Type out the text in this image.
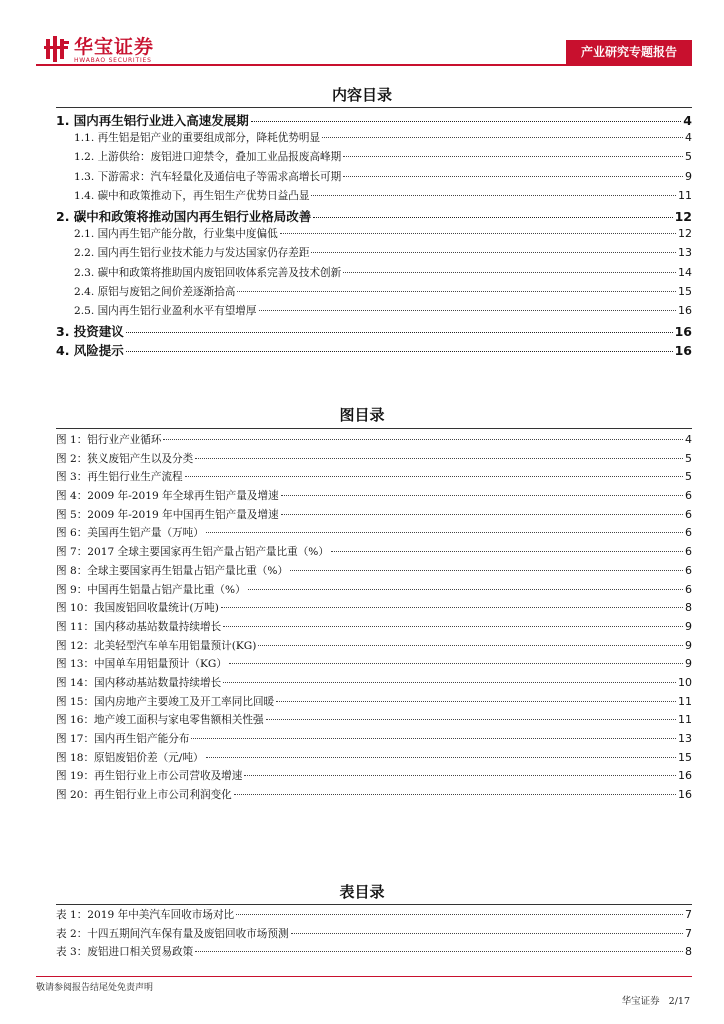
华宝证券
HWABAO SECURITIES
产业研究专题报告
内容目录
1. 国内再生铝行业进入高速发展期	4
1.1. 再生铝是铝产业的重要组成部分，降耗优势明显	4
1.2. 上游供给：废铝进口迎禁令，叠加工业品报废高峰期	5
1.3. 下游需求：汽车轻量化及通信电子等需求高增长可期	9
1.4. 碳中和政策推动下，再生铝生产优势日益凸显	11
2. 碳中和政策将推动国内再生铝行业格局改善	12
2.1. 国内再生铝产能分散，行业集中度偏低	12
2.2. 国内再生铝行业技术能力与发达国家仍存差距	13
2.3. 碳中和政策将推助国内废铝回收体系完善及技术创新	14
2.4. 原铝与废铝之间价差逐渐拾高	15
2.5. 国内再生铝行业盈利水平有望增厚	16
3. 投资建议	16
4. 风险提示	16
图目录
图 1：铝行业产业循环	4
图 2：狭义废铝产生以及分类	5
图 3：再生铝行业生产流程	5
图 4：2009 年-2019 年全球再生铝产量及增速	6
图 5：2009 年-2019 年中国再生铝产量及增速	6
图 6：美国再生铝产量（万吨）	6
图 7：2017 全球主要国家再生铝产量占铝产量比重（%）	6
图 8：全球主要国家再生铝量占铝产量比重（%）	6
图 9：中国再生铝量占铝产量比重（%）	6
图 10：我国废铝回收量统计(万吨)	8
图 11：国内移动基站数量持续增长	9
图 12：北美轻型汽车单车用铝量预计(KG)	9
图 13：中国单车用铝量预计（KG）	9
图 14：国内移动基站数量持续增长	10
图 15：国内房地产主要竣工及开工率同比回暖	11
图 16：地产竣工面积与家电零售额相关性强	11
图 17：国内再生铝产能分布	13
图 18：原铝废铝价差（元/吨）	15
图 19：再生铝行业上市公司营收及增速	16
图 20：再生铝行业上市公司利润变化	16
表目录
表 1：2019 年中美汽车回收市场对比	7
表 2：十四五期间汽车保有量及废铝回收市场预测	7
表 3：废铝进口相关贸易政策	8
敬请参阅报告结尾处免责声明
华宝证券 2/17
